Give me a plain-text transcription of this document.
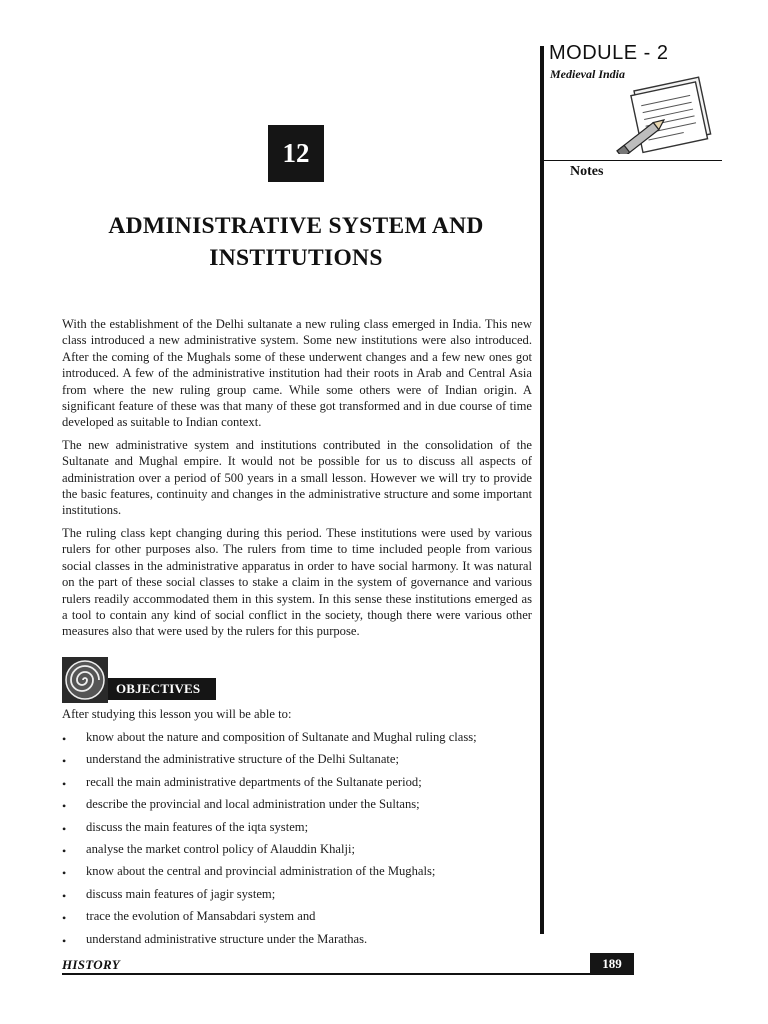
MODULE - 2
Medieval India
Notes
12
ADMINISTRATIVE SYSTEM AND
INSTITUTIONS

With the establishment of the Delhi sultanate a new ruling class emerged in India. This new class introduced a new administrative system. Some new institutions were also introduced. After the coming of the Mughals some of these underwent changes and a few new ones got introduced. A few of the administrative institution had their roots in Arab and Central Asia from where the new ruling group came. While some others were of Indian origin. A significant feature of these was that many of these got transformed and in due course of time developed as suitable to Indian context.

The new administrative system and institutions contributed in the consolidation of the Sultanate and Mughal empire. It would not be possible for us to discuss all aspects of administration over a period of 500 years in a small lesson. However we will try to provide the basic features, continuity and changes in the administrative structure and some important institutions.

The ruling class kept changing during this period. These institutions were used by various rulers for other purposes also. The rulers from time to time included people from various social classes in the administrative apparatus in order to have social harmony. It was natural on the part of these social classes to stake a claim in the system of governance and various rulers readily accommodated them in this system. In this sense these institutions emerged as a tool to contain any kind of social conflict in the society, though there were various other measures also that were used by the rulers for this purpose.

OBJECTIVES
After studying this lesson you will be able to:
• know about the nature and composition of Sultanate and Mughal ruling class;
• understand the administrative structure of the Delhi Sultanate;
• recall the main administrative departments of the Sultanate period;
• describe the provincial and local administration under the Sultans;
• discuss the main features of the iqta system;
• analyse the market control policy of Alauddin Khalji;
• know about the central and provincial administration of the Mughals;
• discuss main features of jagir system;
• trace the evolution of Mansabdari system and
• understand administrative structure under the Marathas.
HISTORY	189
